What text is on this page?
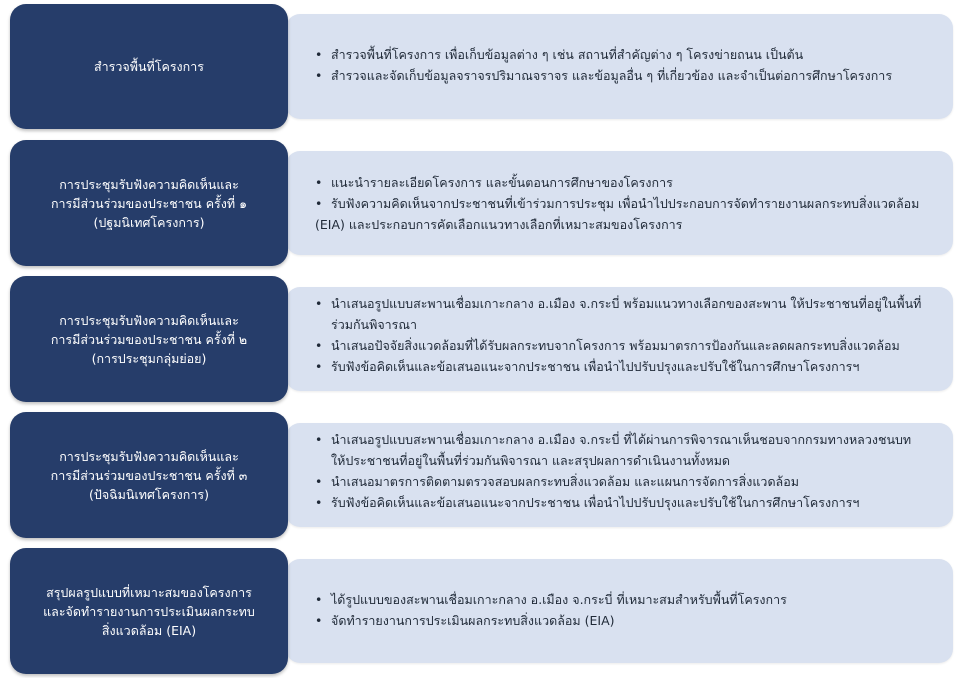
สำรวจพื้นที่โครงการ
• สำรวจพื้นที่โครงการ เพื่อเก็บข้อมูลต่าง ๆ เช่น สถานที่สำคัญต่าง ๆ โครงข่ายถนน เป็นต้น
• สำรวจและจัดเก็บข้อมูลจราจรปริมาณจราจร และข้อมูลอื่น ๆ ที่เกี่ยวข้อง และจำเป็นต่อการศึกษาโครงการ
การประชุมรับฟังความคิดเห็นและ
การมีส่วนร่วมของประชาชน ครั้งที่ ๑
(ปฐมนิเทศโครงการ)
• แนะนำรายละเอียดโครงการ และขั้นตอนการศึกษาของโครงการ
• รับฟังความคิดเห็นจากประชาชนที่เข้าร่วมการประชุม เพื่อนำไปประกอบการจัดทำรายงานผลกระทบสิ่งแวดล้อม
(EIA) และประกอบการคัดเลือกแนวทางเลือกที่เหมาะสมของโครงการ
การประชุมรับฟังความคิดเห็นและ
การมีส่วนร่วมของประชาชน ครั้งที่ ๒
(การประชุมกลุ่มย่อย)
• นำเสนอรูปแบบสะพานเชื่อมเกาะกลาง อ.เมือง จ.กระบี่ พร้อมแนวทางเลือกของสะพาน ให้ประชาชนที่อยู่ในพื้นที่
ร่วมกันพิจารณา
• นำเสนอปัจจัยสิ่งแวดล้อมที่ได้รับผลกระทบจากโครงการ พร้อมมาตรการป้องกันและลดผลกระทบสิ่งแวดล้อม
• รับฟังข้อคิดเห็นและข้อเสนอแนะจากประชาชน เพื่อนำไปปรับปรุงและปรับใช้ในการศึกษาโครงการฯ
การประชุมรับฟังความคิดเห็นและ
การมีส่วนร่วมของประชาชน ครั้งที่ ๓
(ปัจฉิมนิเทศโครงการ)
• นำเสนอรูปแบบสะพานเชื่อมเกาะกลาง อ.เมือง จ.กระบี่ ที่ได้ผ่านการพิจารณาเห็นชอบจากกรมทางหลวงชนบท
ให้ประชาชนที่อยู่ในพื้นที่ร่วมกันพิจารณา และสรุปผลการดำเนินงานทั้งหมด
• นำเสนอมาตรการติดตามตรวจสอบผลกระทบสิ่งแวดล้อม และแผนการจัดการสิ่งแวดล้อม
• รับฟังข้อคิดเห็นและข้อเสนอแนะจากประชาชน เพื่อนำไปปรับปรุงและปรับใช้ในการศึกษาโครงการฯ
สรุปผลรูปแบบที่เหมาะสมของโครงการ
และจัดทำรายงานการประเมินผลกระทบ
สิ่งแวดล้อม (EIA)
• ได้รูปแบบของสะพานเชื่อมเกาะกลาง อ.เมือง จ.กระบี่ ที่เหมาะสมสำหรับพื้นที่โครงการ
• จัดทำรายงานการประเมินผลกระทบสิ่งแวดล้อม (EIA)
